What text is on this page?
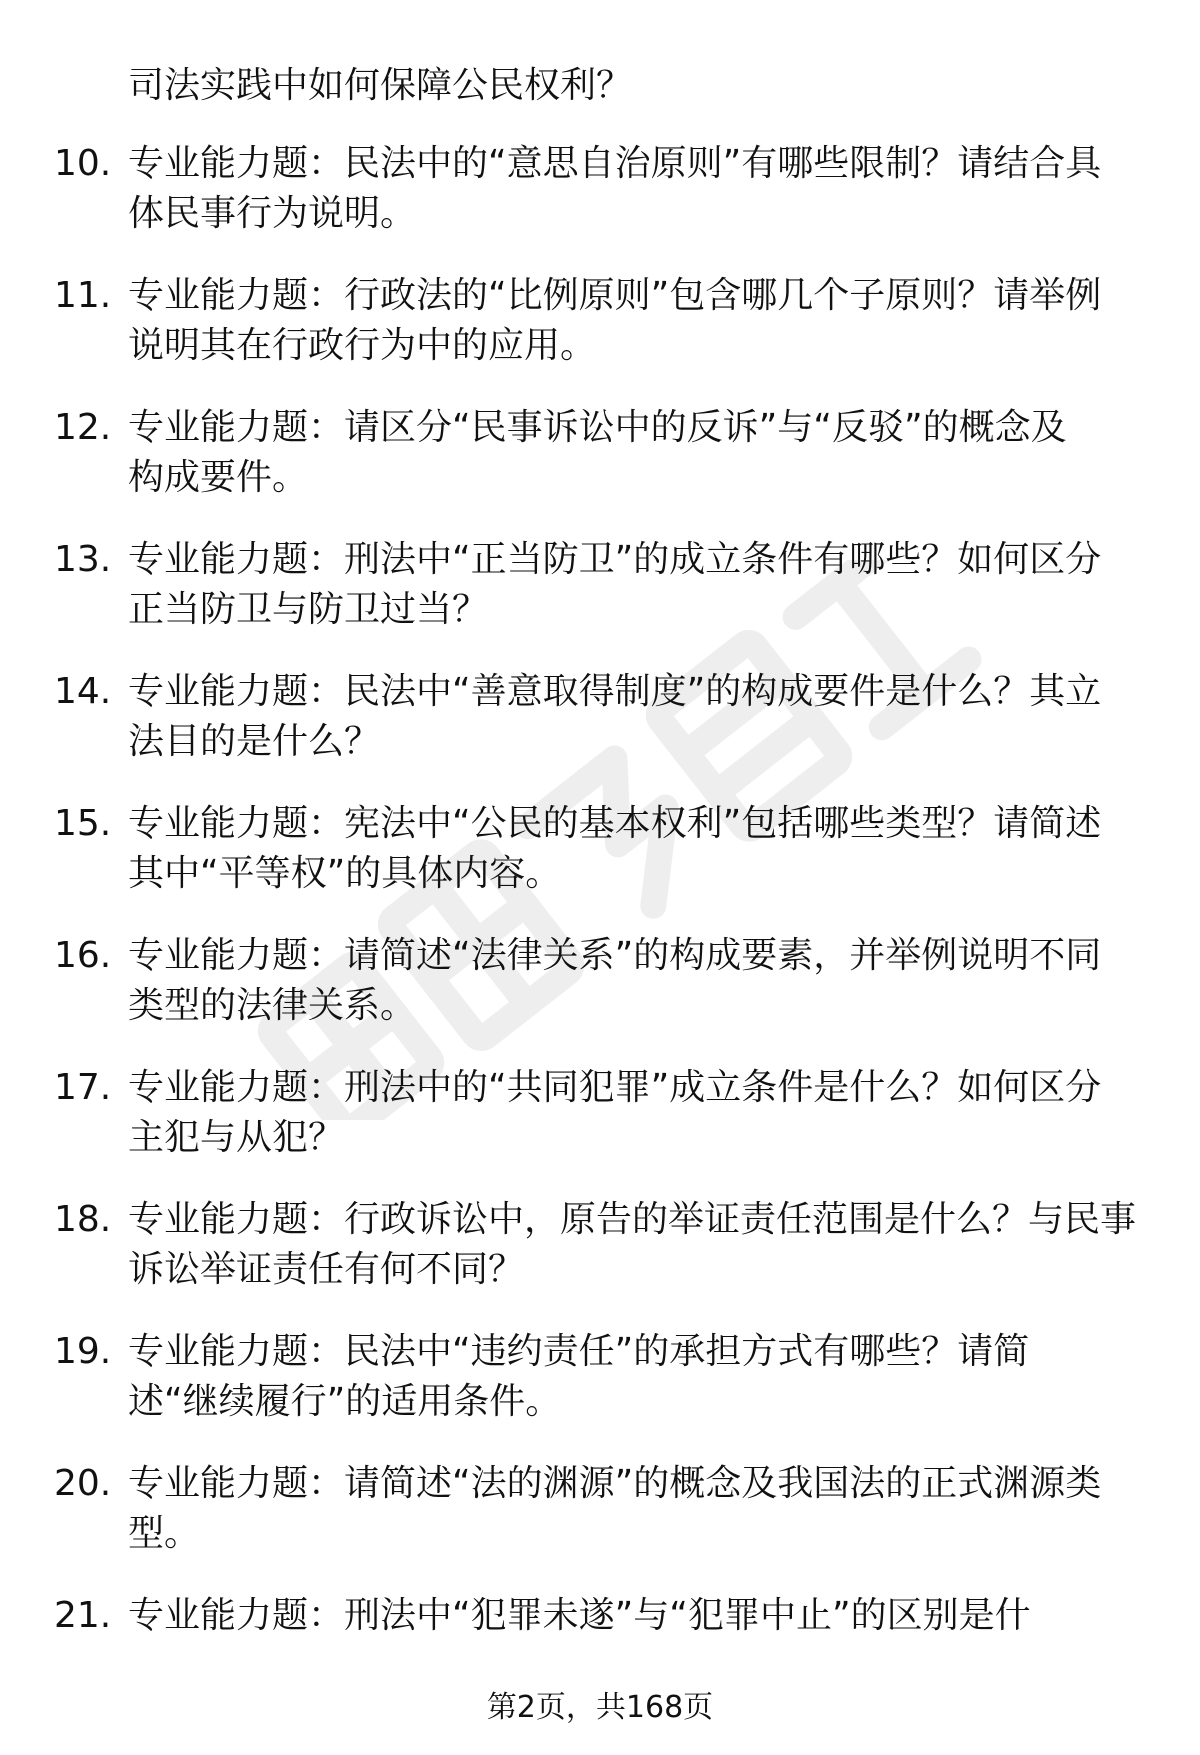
司法实践中如何保障公民权利？
10. 专业能力题：民法中的“意思自治原则”有哪些限制？请结合具
体民事行为说明。
11. 专业能力题：行政法的“比例原则”包含哪几个子原则？请举例
说明其在行政行为中的应用。
12. 专业能力题：请区分“民事诉讼中的反诉”与“反驳”的概念及
构成要件。
13. 专业能力题：刑法中“正当防卫”的成立条件有哪些？如何区分
正当防卫与防卫过当？
14. 专业能力题：民法中“善意取得制度”的构成要件是什么？其立
法目的是什么？
15. 专业能力题：宪法中“公民的基本权利”包括哪些类型？请简述
其中“平等权”的具体内容。
16. 专业能力题：请简述“法律关系”的构成要素，并举例说明不同
类型的法律关系。
17. 专业能力题：刑法中的“共同犯罪”成立条件是什么？如何区分
主犯与从犯？
18. 专业能力题：行政诉讼中，原告的举证责任范围是什么？与民事
诉讼举证责任有何不同？
19. 专业能力题：民法中“违约责任”的承担方式有哪些？请简
述“继续履行”的适用条件。
20. 专业能力题：请简述“法的渊源”的概念及我国法的正式渊源类
型。
21. 专业能力题：刑法中“犯罪未遂”与“犯罪中止”的区别是什
第2页，共168页
